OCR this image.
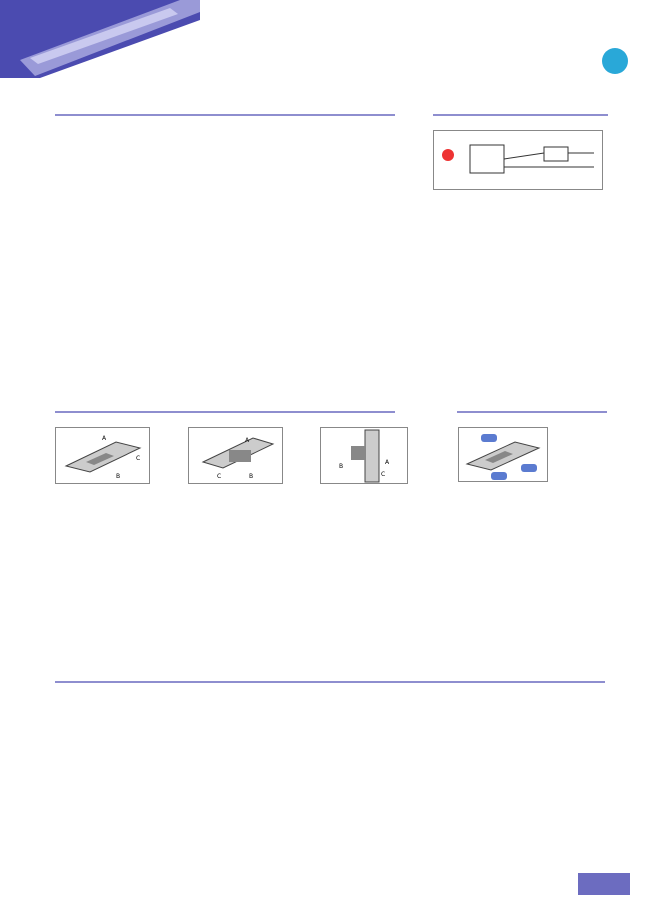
A
B
C
A
C	B
B
A
C
